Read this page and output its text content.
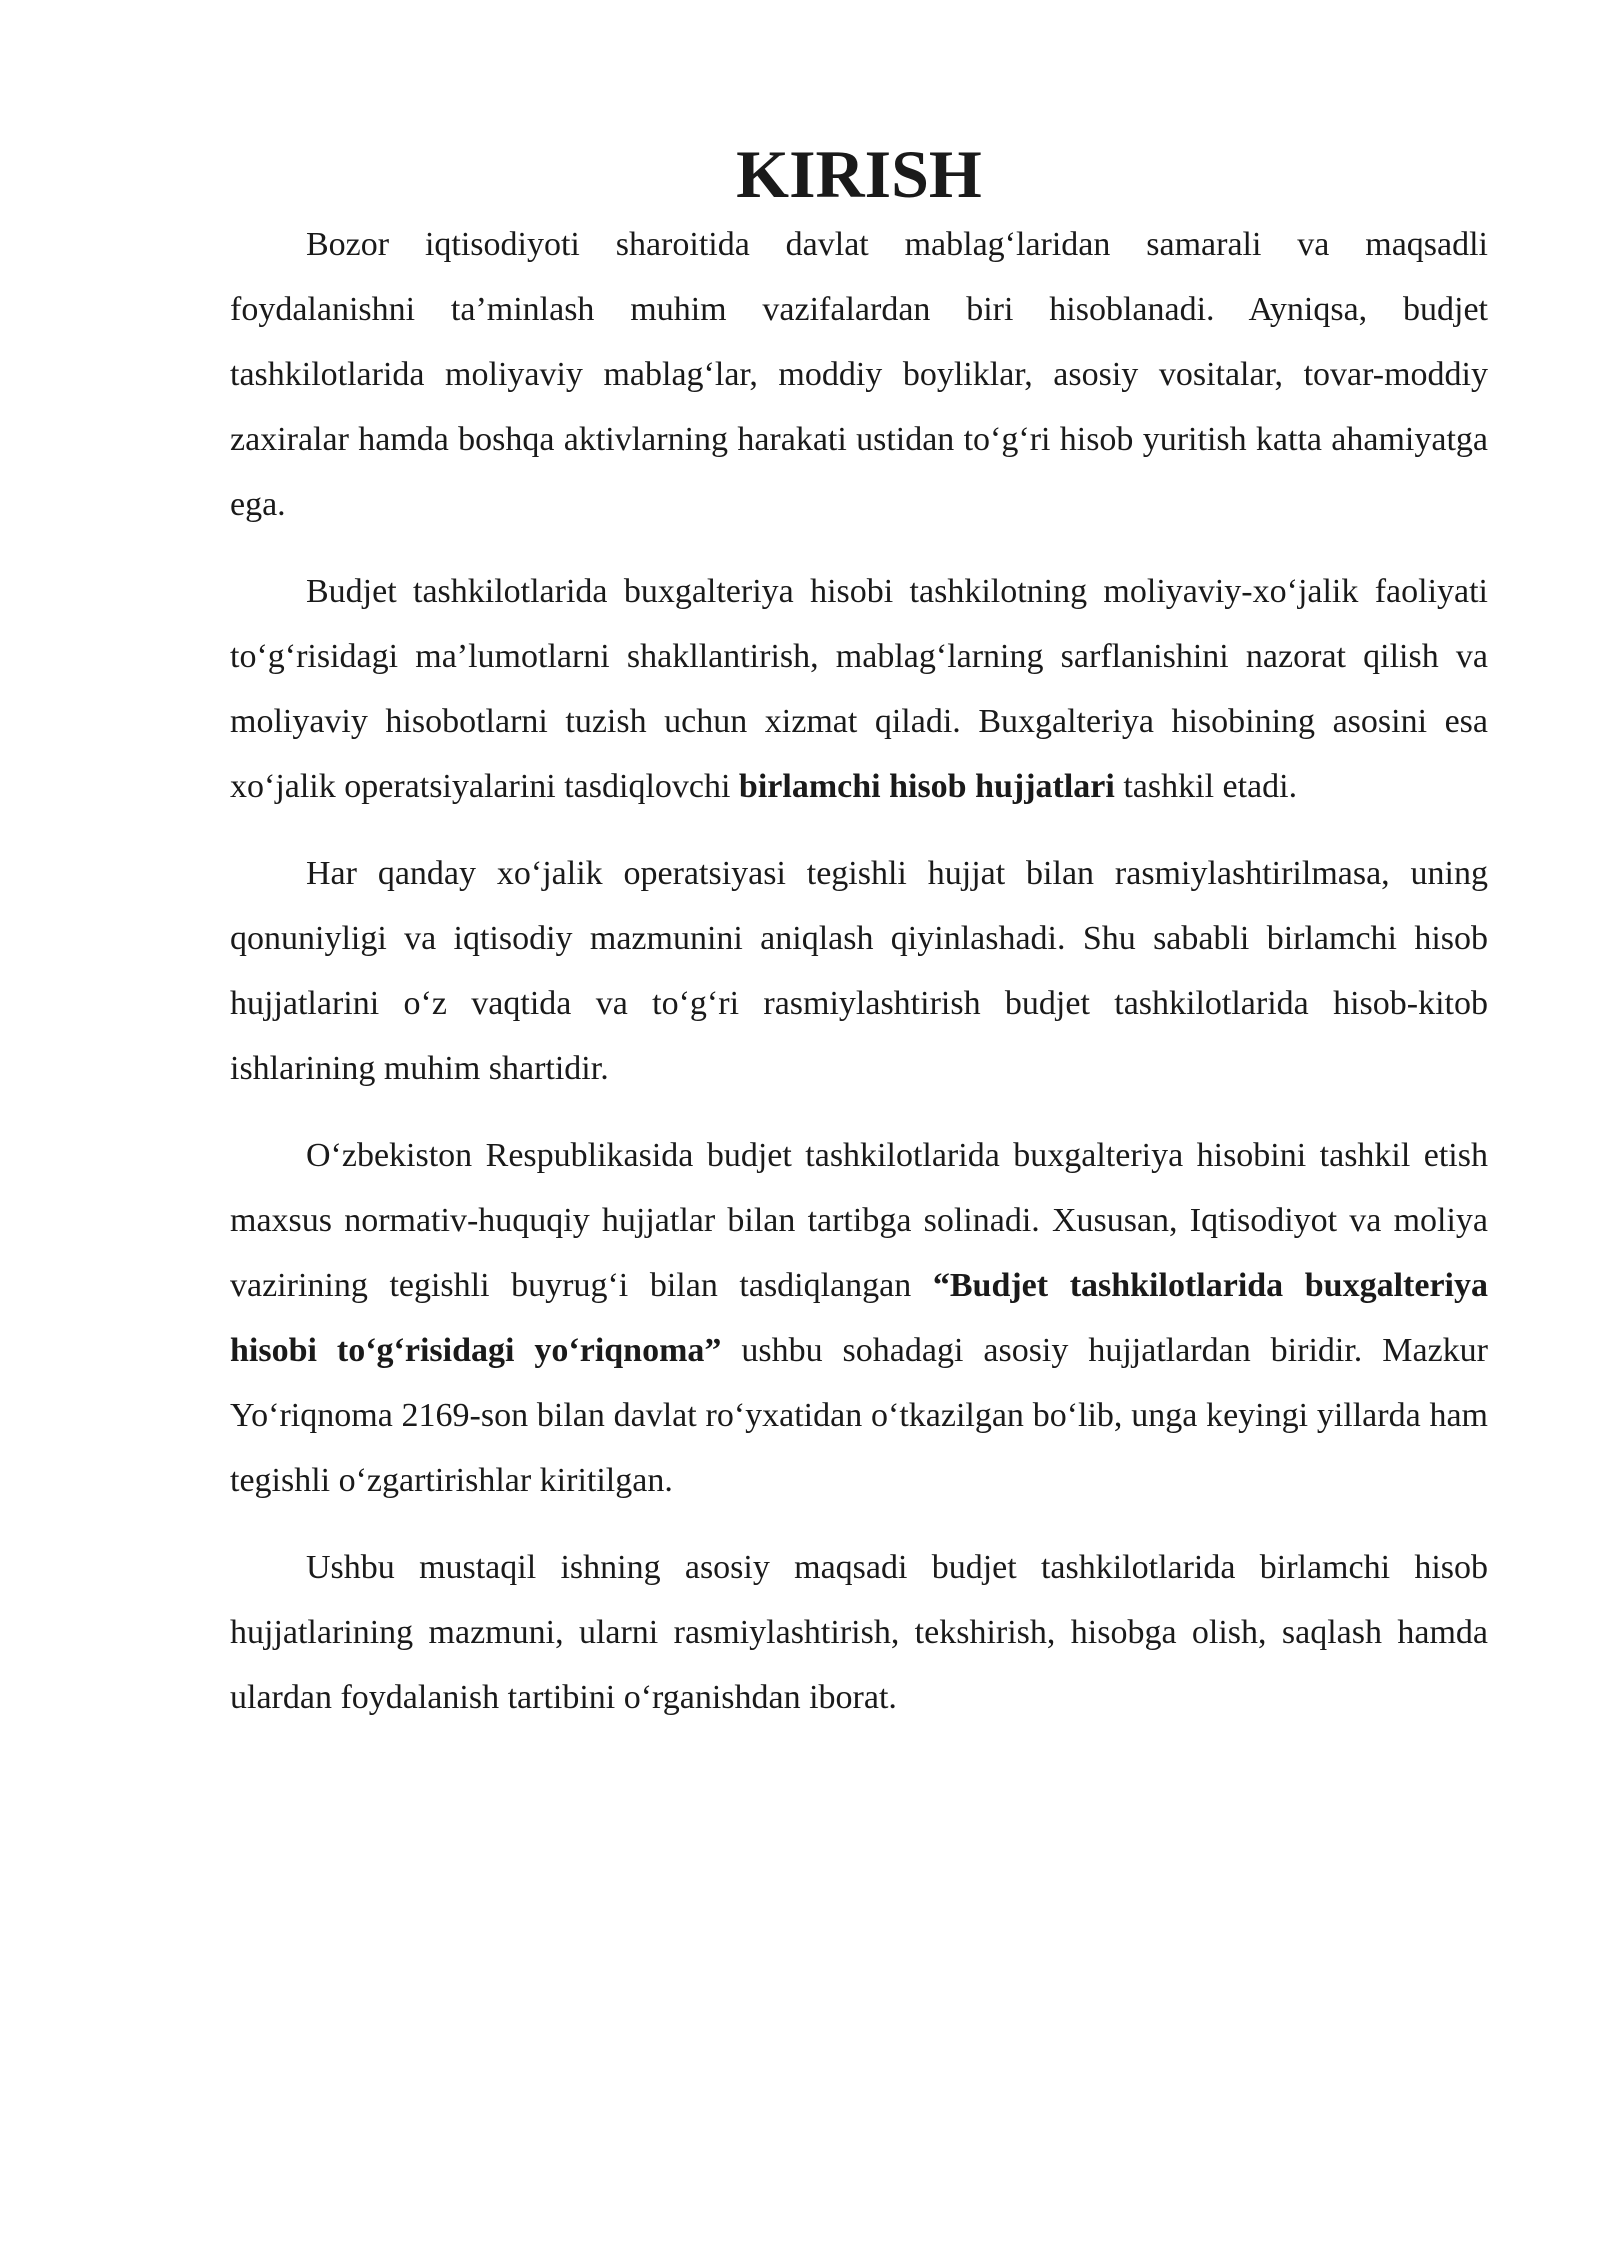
KIRISH

Bozor iqtisodiyoti sharoitida davlat mablag‘laridan samarali va maqsadli foydalanishni ta’minlash muhim vazifalardan biri hisoblanadi. Ayniqsa, budjet tashkilotlarida moliyaviy mablag‘lar, moddiy boyliklar, asosiy vositalar, tovar-moddiy zaxiralar hamda boshqa aktivlarning harakati ustidan to‘g‘ri hisob yuritish katta ahamiyatga ega.

Budjet tashkilotlarida buxgalteriya hisobi tashkilotning moliyaviy-xo‘jalik faoliyati to‘g‘risidagi ma’lumotlarni shakllantirish, mablag‘larning sarflanishini nazorat qilish va moliyaviy hisobotlarni tuzish uchun xizmat qiladi. Buxgalteriya hisobining asosini esa xo‘jalik operatsiyalarini tasdiqlovchi birlamchi hisob hujjatlari tashkil etadi.

Har qanday xo‘jalik operatsiyasi tegishli hujjat bilan rasmiylashtirilmasa, uning qonuniyligi va iqtisodiy mazmunini aniqlash qiyinlashadi. Shu sababli birlamchi hisob hujjatlarini o‘z vaqtida va to‘g‘ri rasmiylashtirish budjet tashkilotlarida hisob-kitob ishlarining muhim shartidir.

O‘zbekiston Respublikasida budjet tashkilotlarida buxgalteriya hisobini tashkil etish maxsus normativ-huquqiy hujjatlar bilan tartibga solinadi. Xususan, Iqtisodiyot va moliya vazirining tegishli buyrug‘i bilan tasdiqlangan “Budjet tashkilotlarida buxgalteriya hisobi to‘g‘risidagi yo‘riqnoma” ushbu sohadagi asosiy hujjatlardan biridir. Mazkur Yo‘riqnoma 2169-son bilan davlat ro‘yxatidan o‘tkazilgan bo‘lib, unga keyingi yillarda ham tegishli o‘zgartirishlar kiritilgan.

Ushbu mustaqil ishning asosiy maqsadi budjet tashkilotlarida birlamchi hisob hujjatlarining mazmuni, ularni rasmiylashtirish, tekshirish, hisobga olish, saqlash hamda ulardan foydalanish tartibini o‘rganishdan iborat.
